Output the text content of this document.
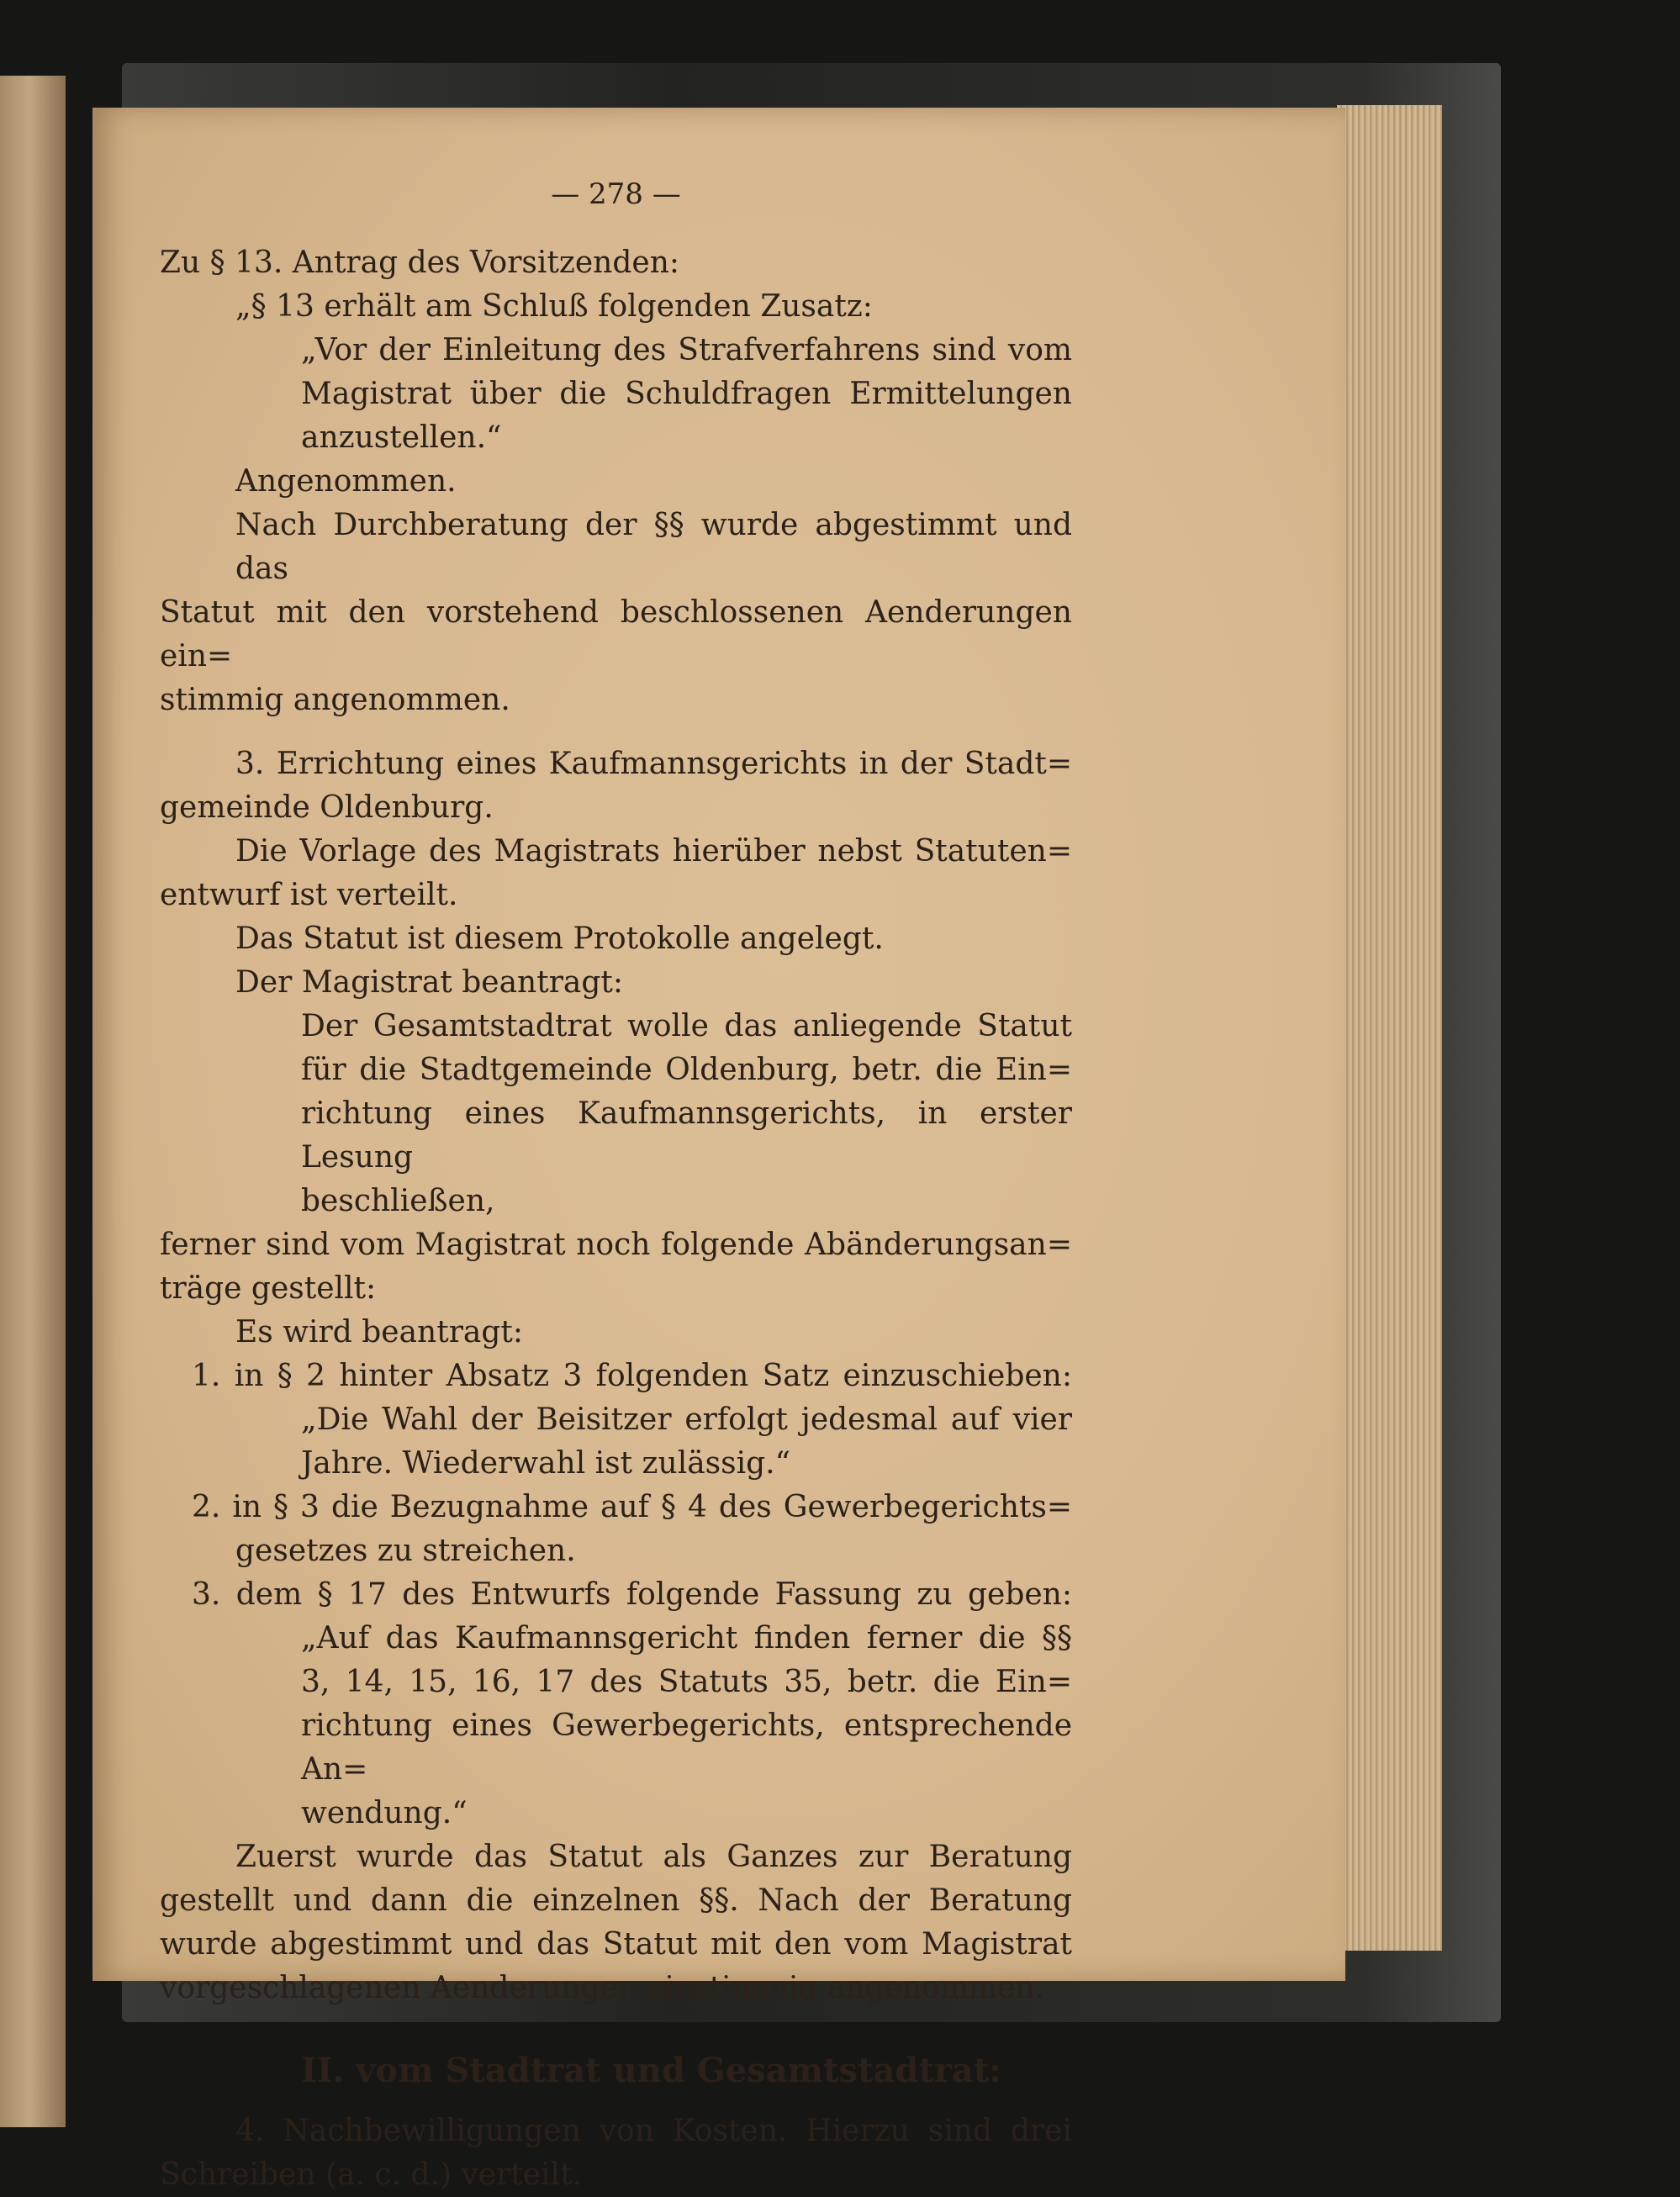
— 278 —

Zu § 13. Antrag des Vorsitzenden:

„§ 13 erhält am Schluß folgenden Zusatz:

„Vor der Einleitung des Strafverfahrens sind vom

Magistrat über die Schuldfragen Ermittelungen

anzustellen.“

Angenommen.

Nach Durchberatung der §§ wurde abgestimmt und das

Statut mit den vorstehend beschlossenen Aenderungen ein=

stimmig angenommen.

3. Errichtung eines Kaufmannsgerichts in der Stadt=

gemeinde Oldenburg.

Die Vorlage des Magistrats hierüber nebst Statuten=

entwurf ist verteilt.

Das Statut ist diesem Protokolle angelegt.

Der Magistrat beantragt:

Der Gesamtstadtrat wolle das anliegende Statut

für die Stadtgemeinde Oldenburg, betr. die Ein=

richtung eines Kaufmannsgerichts, in erster Lesung

beschließen,

ferner sind vom Magistrat noch folgende Abänderungsan=

träge gestellt:

Es wird beantragt:

1. in § 2 hinter Absatz 3 folgenden Satz einzuschieben:

„Die Wahl der Beisitzer erfolgt jedesmal auf vier

Jahre. Wiederwahl ist zulässig.“

2. in § 3 die Bezugnahme auf § 4 des Gewerbegerichts=

gesetzes zu streichen.

3. dem § 17 des Entwurfs folgende Fassung zu geben:

„Auf das Kaufmannsgericht finden ferner die §§

3, 14, 15, 16, 17 des Statuts 35, betr. die Ein=

richtung eines Gewerbegerichts, entsprechende An=

wendung.“

Zuerst wurde das Statut als Ganzes zur Beratung

gestellt und dann die einzelnen §§. Nach der Beratung

wurde abgestimmt und das Statut mit den vom Magistrat

vorgeschlagenen Aenderungen einstimmig angenommen.

II. vom Stadtrat und Gesamtstadtrat:

4. Nachbewilligungen von Kosten. Hierzu sind drei

Schreiben (a. c. d.) verteilt.
